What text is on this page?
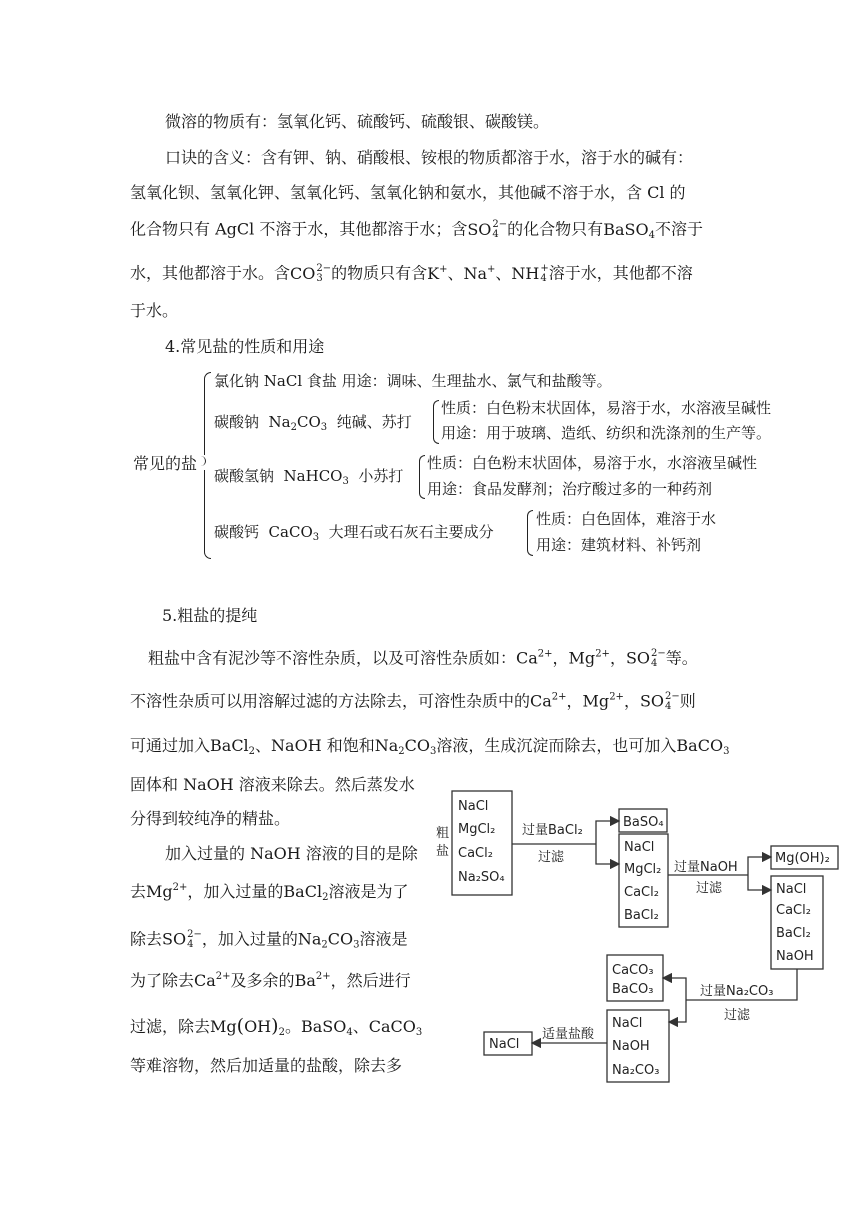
微溶的物质有：氢氧化钙、硫酸钙、硫酸银、碳酸镁。
口诀的含义：含有钾、钠、硝酸根、铵根的物质都溶于水，溶于水的碱有：
氢氧化钡、氢氧化钾、氢氧化钙、氢氧化钠和氨水，其他碱不溶于水，含 Cl 的
化合物只有 AgCl 不溶于水，其他都溶于水；含SO 2−
4 的化合物只有BaSO$_4$不溶于
水，其他都溶于水。含CO 2−
3 的物质只有含K+、Na+、NH +
4 溶于水，其他都不溶
于水。
4.常见盐的性质和用途
常见的盐
氯化钠 NaCl 食盐 用途：调味、生理盐水、氯气和盐酸等。
碳酸钠  $Na_2CO_3$ 纯碱、苏打
性质：白色粉末状固体，易溶于水，水溶液呈碱性
用途：用于玻璃、造纸、纺织和洗涤剂的生产等。
碳酸氢钠  NaHCO$_3$ 小苏打
性质：白色粉末状固体，易溶于水，水溶液呈碱性
用途：食品发酵剂；治疗酸过多的一种药剂
碳酸钙  CaCO$_3$ 大理石或石灰石主要成分
性质：白色固体，难溶于水
用途：建筑材料、补钙剂
5.粗盐的提纯
粗盐中含有泥沙等不溶性杂质，以及可溶性杂质如：$Ca^{2+}$，$Mg^{2+}$，SO 2−
4 等。
不溶性杂质可以用溶解过滤的方法除去，可溶性杂质中的$Ca^{2+}$，$Mg^{2+}$，SO 2−
4 则
可通过加入BaCl$_2$、NaOH 和饱和$Na_2CO_3$溶液，生成沉淀而除去，也可加入BaCO$_3$
固体和 NaOH 溶液来除去。然后蒸发水
分得到较纯净的精盐。
加入过量的 NaOH 溶液的目的是除
去$Mg^{2+}$，加入过量的BaCl$_2$溶液是为了
除去SO 2−
4 ，加入过量的$Na_2CO_3$溶液是
为了除去$Ca^{2+}$及多余的$Ba^{2+}$，然后进行
过滤，除去$Mg(OH)_2$。BaSO$_4$、CaCO$_3$
等难溶物，然后加适量的盐酸，除去多
粗
盐
NaCl
MgCl₂
CaCl₂
Na₂SO₄
过量BaCl₂
过滤
BaSO₄
NaCl
MgCl₂
CaCl₂
BaCl₂
过量NaOH
过滤
Mg(OH)₂
NaCl
CaCl₂
BaCl₂
NaOH
过量Na₂CO₃
过滤
CaCO₃
BaCO₃
NaCl
NaOH
Na₂CO₃
适量盐酸
NaCl
